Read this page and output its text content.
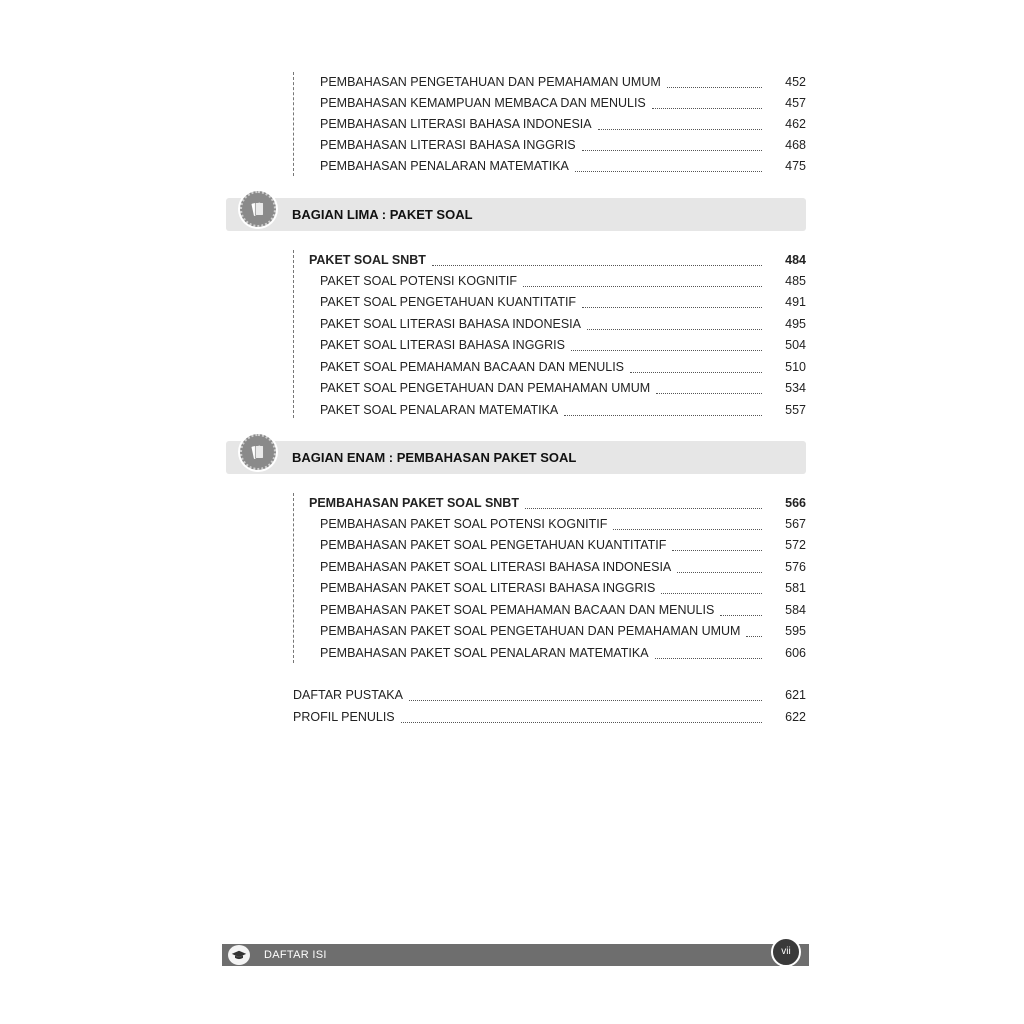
PEMBAHASAN PENGETAHUAN DAN PEMAHAMAN UMUM	452
PEMBAHASAN KEMAMPUAN MEMBACA DAN MENULIS	457
PEMBAHASAN LITERASI BAHASA INDONESIA	462
PEMBAHASAN LITERASI BAHASA INGGRIS	468
PEMBAHASAN PENALARAN MATEMATIKA	475
BAGIAN LIMA : PAKET SOAL
PAKET SOAL SNBT	484
PAKET SOAL POTENSI KOGNITIF	485
PAKET SOAL PENGETAHUAN KUANTITATIF	491
PAKET SOAL LITERASI BAHASA INDONESIA	495
PAKET SOAL LITERASI BAHASA INGGRIS	504
PAKET SOAL PEMAHAMAN BACAAN DAN MENULIS	510
PAKET SOAL PENGETAHUAN DAN PEMAHAMAN UMUM	534
PAKET SOAL PENALARAN MATEMATIKA	557
BAGIAN ENAM : PEMBAHASAN PAKET SOAL
PEMBAHASAN PAKET SOAL SNBT	566
PEMBAHASAN PAKET SOAL POTENSI KOGNITIF	567
PEMBAHASAN PAKET SOAL PENGETAHUAN KUANTITATIF	572
PEMBAHASAN PAKET SOAL LITERASI BAHASA INDONESIA	576
PEMBAHASAN PAKET SOAL LITERASI BAHASA INGGRIS	581
PEMBAHASAN PAKET SOAL PEMAHAMAN BACAAN DAN MENULIS	584
PEMBAHASAN PAKET SOAL PENGETAHUAN DAN PEMAHAMAN UMUM	595
PEMBAHASAN PAKET SOAL PENALARAN MATEMATIKA	606
DAFTAR PUSTAKA	621
PROFIL PENULIS	622
DAFTAR ISI	vii
